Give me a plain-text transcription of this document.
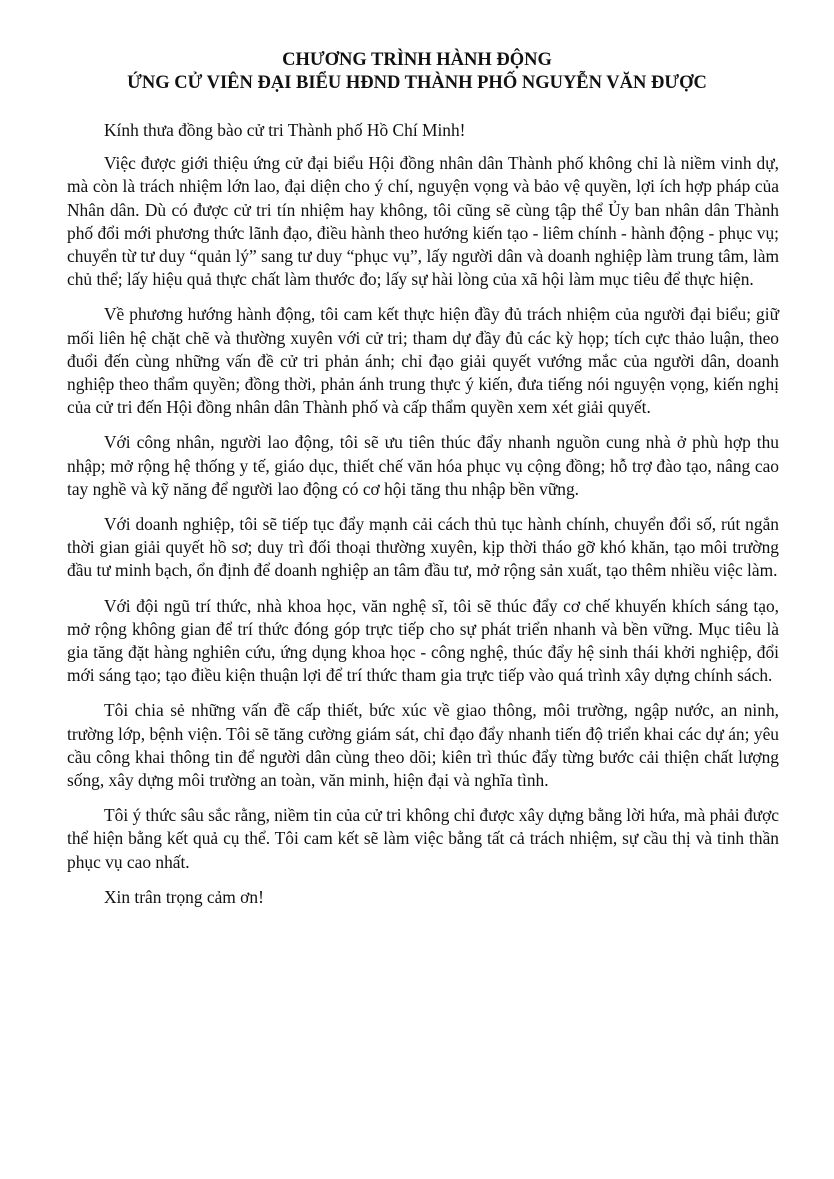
CHƯƠNG TRÌNH HÀNH ĐỘNG
ỨNG CỬ VIÊN ĐẠI BIỂU HĐND THÀNH PHỐ NGUYỄN VĂN ĐƯỢC

Kính thưa đồng bào cử tri Thành phố Hồ Chí Minh!

Việc được giới thiệu ứng cử đại biểu Hội đồng nhân dân Thành phố không chỉ là niềm vinh dự, mà còn là trách nhiệm lớn lao, đại diện cho ý chí, nguyện vọng và bảo vệ quyền, lợi ích hợp pháp của Nhân dân. Dù có được cử tri tín nhiệm hay không, tôi cũng sẽ cùng tập thể Ủy ban nhân dân Thành phố đổi mới phương thức lãnh đạo, điều hành theo hướng kiến tạo - liêm chính - hành động - phục vụ; chuyển từ tư duy “quản lý” sang tư duy “phục vụ”, lấy người dân và doanh nghiệp làm trung tâm, làm chủ thể; lấy hiệu quả thực chất làm thước đo; lấy sự hài lòng của xã hội làm mục tiêu để thực hiện.

Về phương hướng hành động, tôi cam kết thực hiện đầy đủ trách nhiệm của người đại biểu; giữ mối liên hệ chặt chẽ và thường xuyên với cử tri; tham dự đầy đủ các kỳ họp; tích cực thảo luận, theo đuổi đến cùng những vấn đề cử tri phản ánh; chỉ đạo giải quyết vướng mắc của người dân, doanh nghiệp theo thẩm quyền; đồng thời, phản ánh trung thực ý kiến, đưa tiếng nói nguyện vọng, kiến nghị của cử tri đến Hội đồng nhân dân Thành phố và cấp thẩm quyền xem xét giải quyết.

Với công nhân, người lao động, tôi sẽ ưu tiên thúc đẩy nhanh nguồn cung nhà ở phù hợp thu nhập; mở rộng hệ thống y tế, giáo dục, thiết chế văn hóa phục vụ cộng đồng; hỗ trợ đào tạo, nâng cao tay nghề và kỹ năng để người lao động có cơ hội tăng thu nhập bền vững.

Với doanh nghiệp, tôi sẽ tiếp tục đẩy mạnh cải cách thủ tục hành chính, chuyển đổi số, rút ngắn thời gian giải quyết hồ sơ; duy trì đối thoại thường xuyên, kịp thời tháo gỡ khó khăn, tạo môi trường đầu tư minh bạch, ổn định để doanh nghiệp an tâm đầu tư, mở rộng sản xuất, tạo thêm nhiều việc làm.

Với đội ngũ trí thức, nhà khoa học, văn nghệ sĩ, tôi sẽ thúc đẩy cơ chế khuyến khích sáng tạo, mở rộng không gian để trí thức đóng góp trực tiếp cho sự phát triển nhanh và bền vững. Mục tiêu là gia tăng đặt hàng nghiên cứu, ứng dụng khoa học - công nghệ, thúc đẩy hệ sinh thái khởi nghiệp, đổi mới sáng tạo; tạo điều kiện thuận lợi để trí thức tham gia trực tiếp vào quá trình xây dựng chính sách.

Tôi chia sẻ những vấn đề cấp thiết, bức xúc về giao thông, môi trường, ngập nước, an ninh, trường lớp, bệnh viện. Tôi sẽ tăng cường giám sát, chỉ đạo đẩy nhanh tiến độ triển khai các dự án; yêu cầu công khai thông tin để người dân cùng theo dõi; kiên trì thúc đẩy từng bước cải thiện chất lượng sống, xây dựng môi trường an toàn, văn minh, hiện đại và nghĩa tình.

Tôi ý thức sâu sắc rằng, niềm tin của cử tri không chỉ được xây dựng bằng lời hứa, mà phải được thể hiện bằng kết quả cụ thể. Tôi cam kết sẽ làm việc bằng tất cả trách nhiệm, sự cầu thị và tinh thần phục vụ cao nhất.

Xin trân trọng cảm ơn!
